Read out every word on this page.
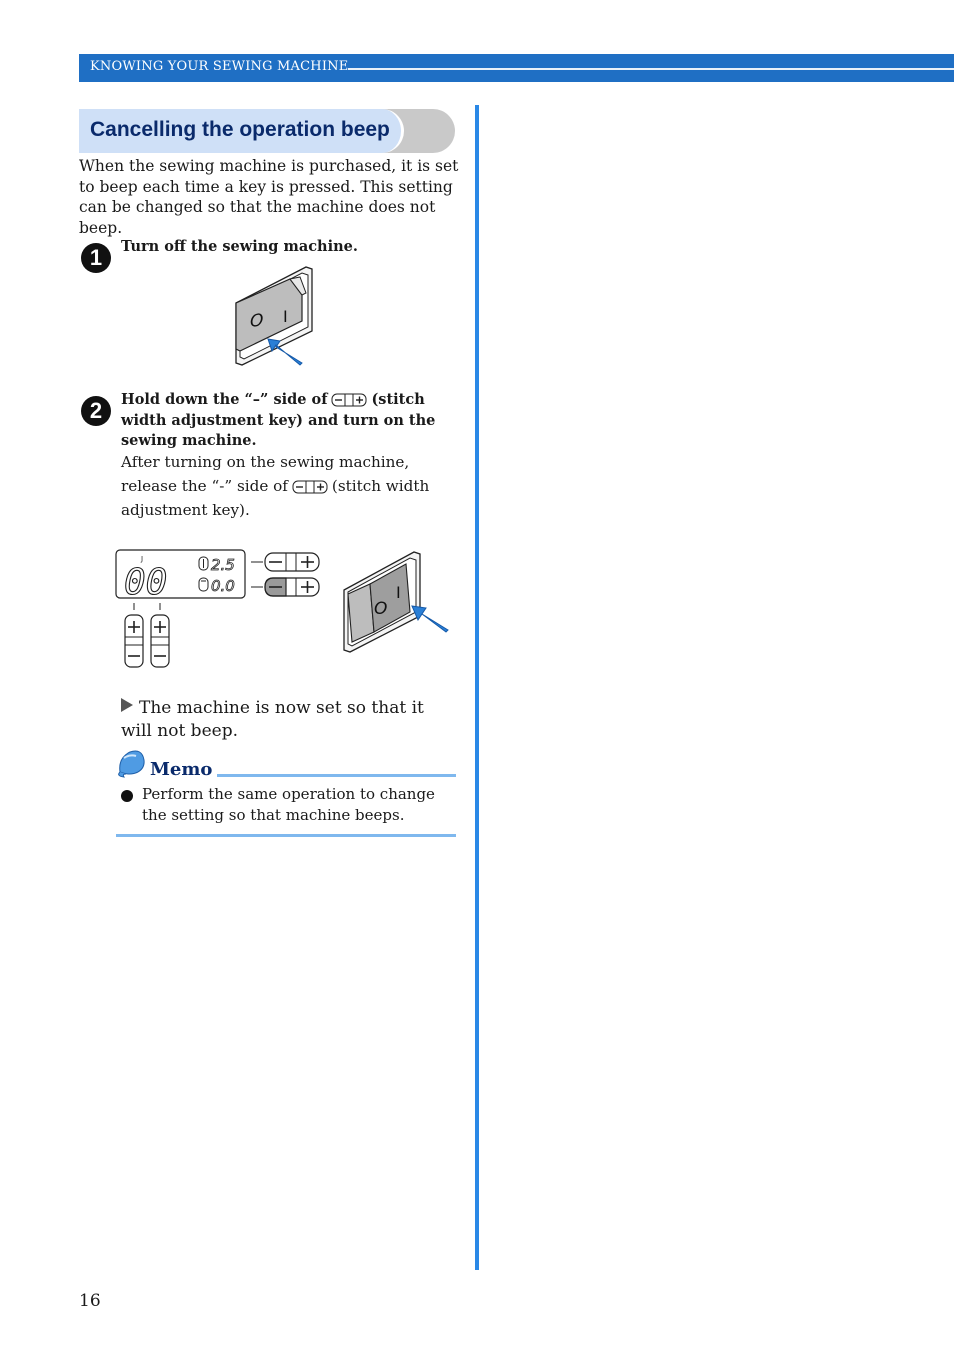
KNOWING YOUR SEWING MACHINE
Cancelling the operation beep
When the sewing machine is purchased, it is set to beep each time a key is pressed. This setting can be changed so that the machine does not beep.
1	Turn off the sewing machine.
O I
2	Hold down the “–” side of	(stitch width adjustment key) and turn on the sewing machine.
After turning on the sewing machine, release the “-” side of	(stitch width adjustment key).
J
00	2.5
0.0
O
I
The machine is now set so that it will not beep.
Memo
Perform the same operation to change the setting so that machine beeps.
16
